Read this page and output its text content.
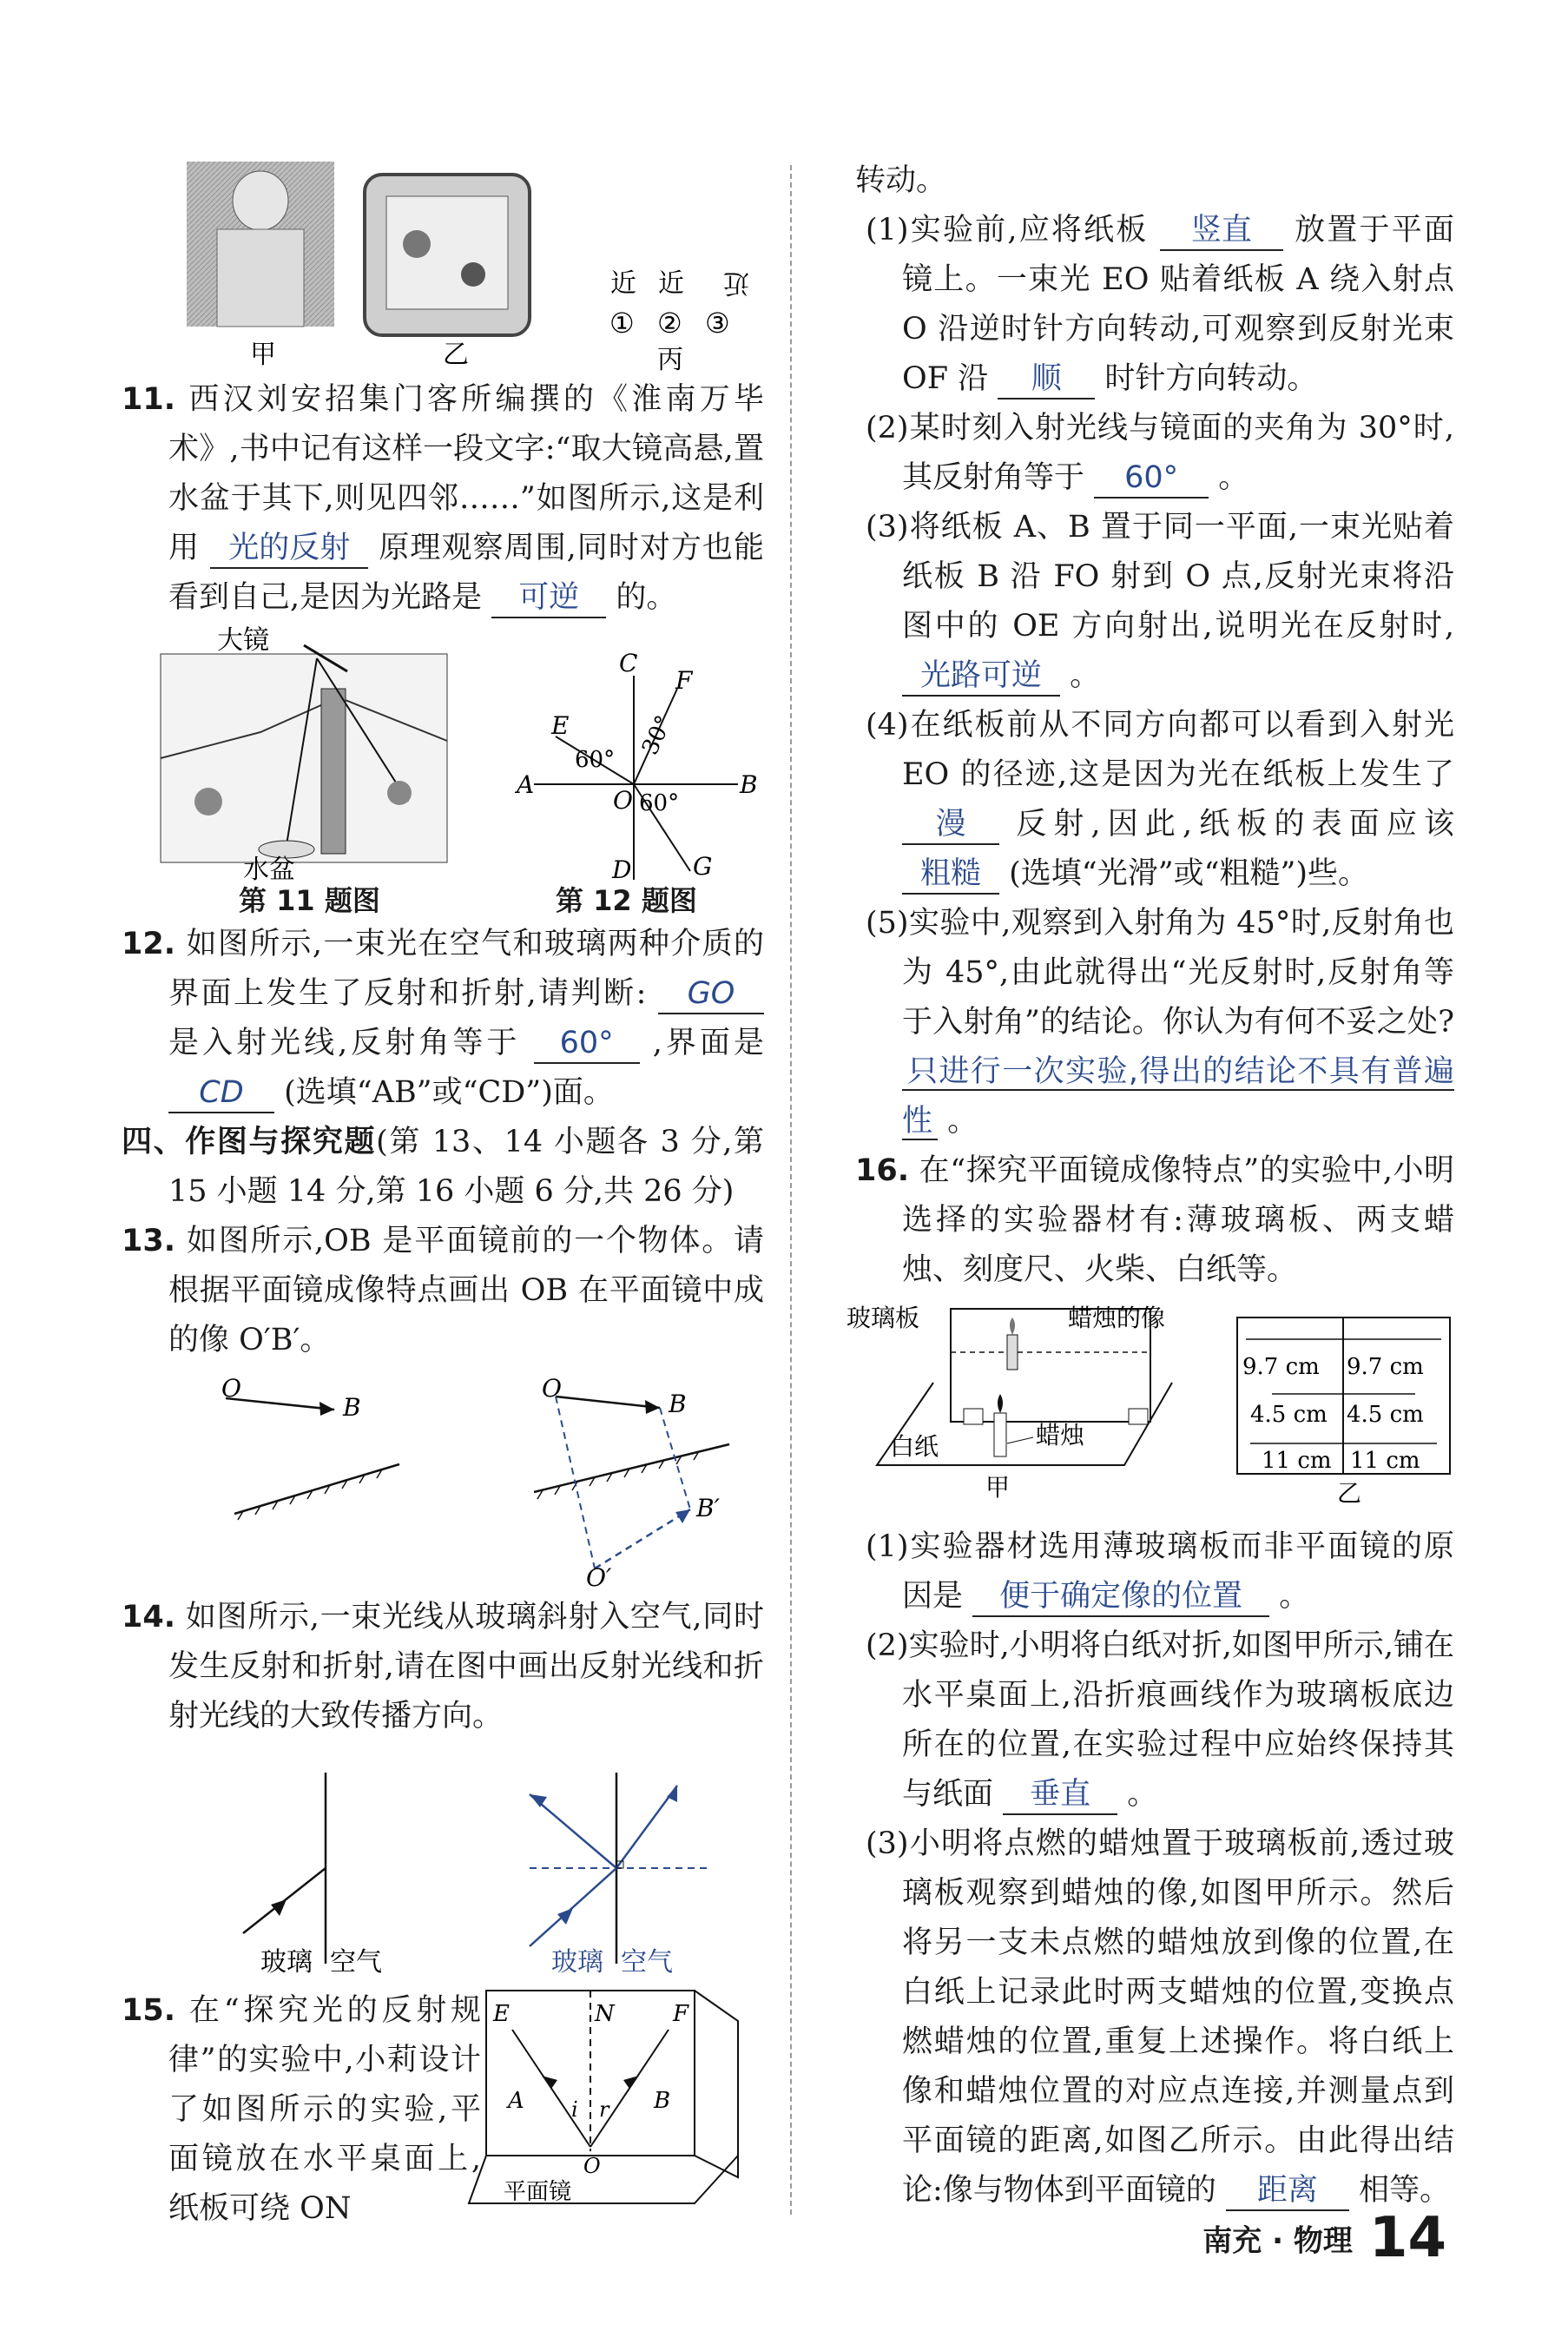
甲	乙
近 近 近
① ② ③
丙

11. 西汉刘安招集门客所编撰的《淮南万毕术》,书中记有这样一段文字:“取大镜高悬,置水盆于其下,则见四邻……”如图所示,这是利用 光的反射 原理观察周围,同时对方也能看到自己,是因为光路是 可逆 的。

大镜
水盆
C
F
E
A	B
O
D	G
60°
30°
60°
第 11 题图	第 12 题图

12. 如图所示,一束光在空气和玻璃两种介质的界面上发生了反射和折射,请判断: GO 是入射光线,反射角等于 60° ,界面是 CD (选填“AB”或“CD”)面。

四、作图与探究题(第 13、14 小题各 3 分,第 15 小题 14 分,第 16 小题 6 分,共 26 分)

13. 如图所示,OB 是平面镜前的一个物体。请根据平面镜成像特点画出 OB 在平面镜中成的像 O′B′。

O
B
O
B
B′
O′

14. 如图所示,一束光线从玻璃斜射入空气,同时发生反射和折射,请在图中画出反射光线和折射光线的大致传播方向。

玻璃 空气	玻璃 空气

15. 在“探究光的反射规律”的实验中,小莉设计了如图所示的实验,平面镜放在水平桌面上,纸板可绕 ON

E	N	F
A	B
i r
O
平面镜

转动。

(1)实验前,应将纸板 竖直 放置于平面镜上。一束光 EO 贴着纸板 A 绕入射点 O 沿逆时针方向转动,可观察到反射光束 OF 沿 顺 时针方向转动。

(2)某时刻入射光线与镜面的夹角为 30°时,其反射角等于 60° 。

(3)将纸板 A、B 置于同一平面,一束光贴着纸板 B 沿 FO 射到 O 点,反射光束将沿图中的 OE 方向射出,说明光在反射时, 光路可逆 。

(4)在纸板前从不同方向都可以看到入射光 EO 的径迹,这是因为光在纸板上发生了 漫 反射,因此,纸板的表面应该 粗糙 (选填“光滑”或“粗糙”)些。

(5)实验中,观察到入射角为 45°时,反射角也为 45°,由此就得出“光反射时,反射角等于入射角”的结论。你认为有何不妥之处? 只进行一次实验,得出的结论不具有普遍性 。

16. 在“探究平面镜成像特点”的实验中,小明选择的实验器材有:薄玻璃板、两支蜡烛、刻度尺、火柴、白纸等。

玻璃板	蜡烛的像
蜡烛
白纸
甲
9.7 cm 9.7 cm
4.5 cm 4.5 cm
11 cm 11 cm
乙

(1)实验器材选用薄玻璃板而非平面镜的原因是 便于确定像的位置 。

(2)实验时,小明将白纸对折,如图甲所示,铺在水平桌面上,沿折痕画线作为玻璃板底边所在的位置,在实验过程中应始终保持其与纸面 垂直 。

(3)小明将点燃的蜡烛置于玻璃板前,透过玻璃板观察到蜡烛的像,如图甲所示。然后将另一支未点燃的蜡烛放到像的位置,在白纸上记录此时两支蜡烛的位置,变换点燃蜡烛的位置,重复上述操作。将白纸上像和蜡烛位置的对应点连接,并测量点到平面镜的距离,如图乙所示。由此得出结论:像与物体到平面镜的 距离 相等。

南充 · 物理 14
